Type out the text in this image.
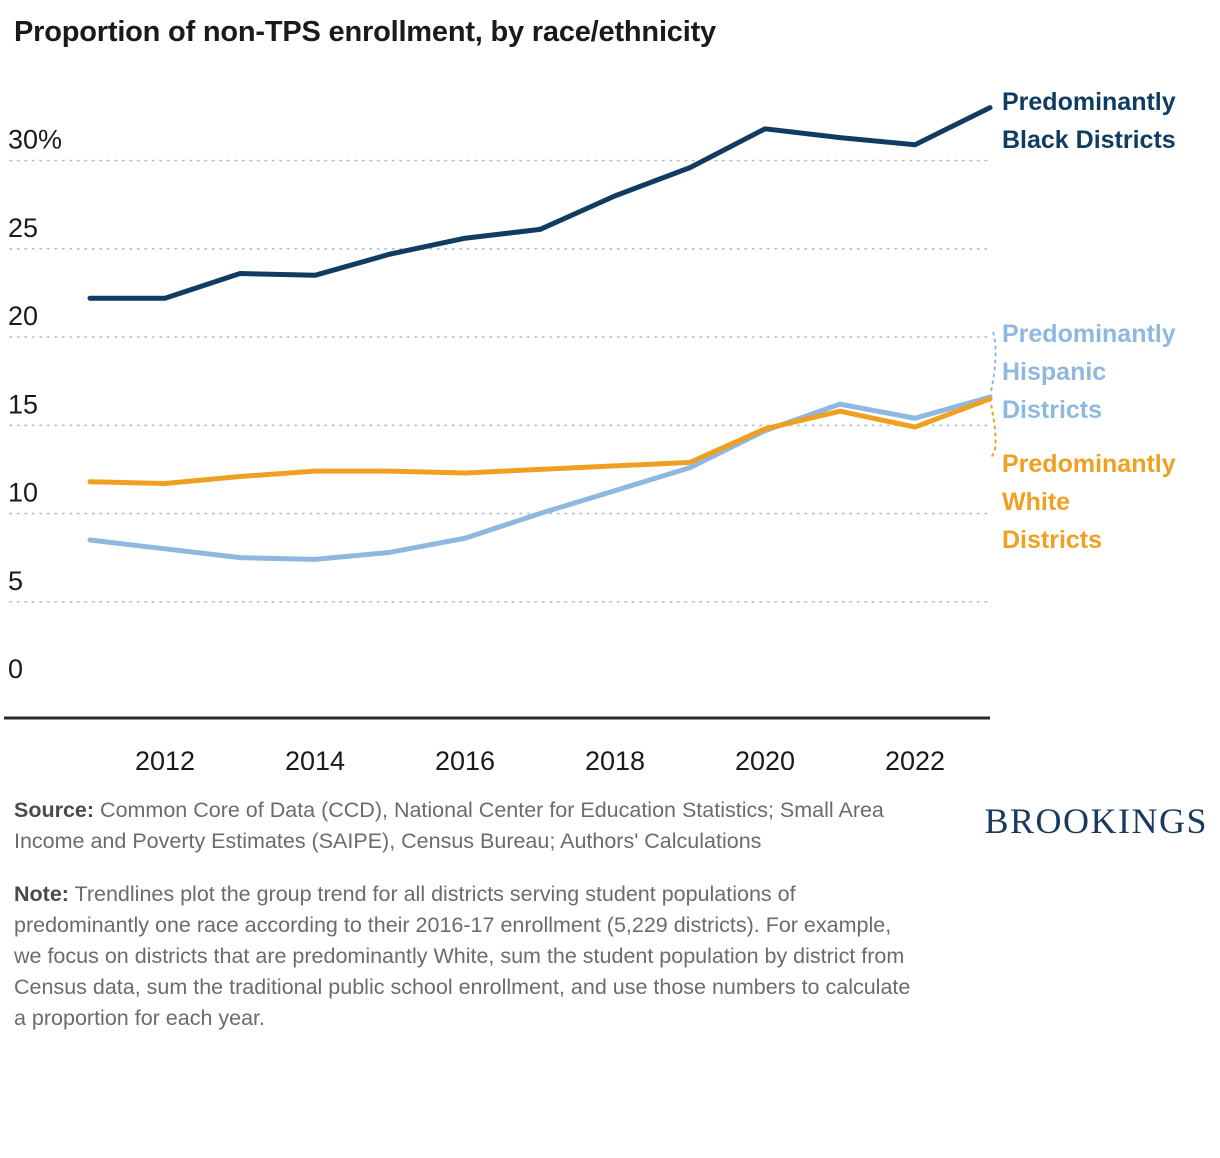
Proportion of non-TPS enrollment, by race/ethnicity
0
5
10
15
20
25
30%
2012	2014	2016	2018	2020	2022
Predominantly Black Districts
Predominantly Hispanic Districts
Predominantly White Districts
Source: Common Core of Data (CCD), National Center for Education Statistics; Small Area Income and Poverty Estimates (SAIPE), Census Bureau; Authors' Calculations
Note: Trendlines plot the group trend for all districts serving student populations of predominantly one race according to their 2016-17 enrollment (5,229 districts). For example, we focus on districts that are predominantly White, sum the student population by district from Census data, sum the traditional public school enrollment, and use those numbers to calculate a proportion for each year.
BROOKINGS
